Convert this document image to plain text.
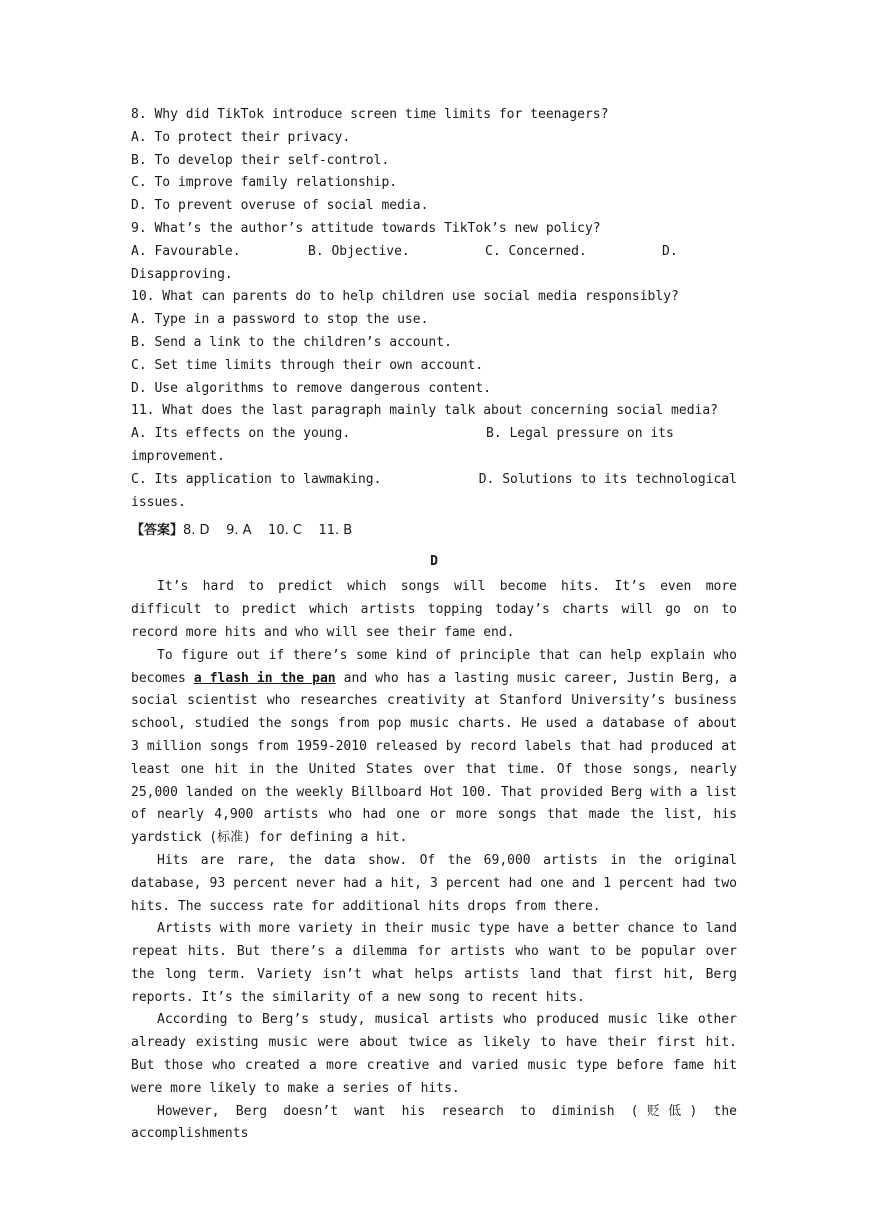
8. Why did TikTok introduce screen time limits for teenagers?

A. To protect their privacy.

B. To develop their self-control.

C. To improve family relationship.

D. To prevent overuse of social media.

9. What’s the author’s attitude towards TikTok’s new policy?

A. Favourable.	B. Objective.	C. Concerned.	D.

Disapproving.

10. What can parents do to help children use social media responsibly?

A. Type in a password to stop the use.

B. Send a link to the children’s account.

C. Set time limits through their own account.

D. Use algorithms to remove dangerous content.

11. What does the last paragraph mainly talk about concerning social media?

A. Its effects on the young.	B. Legal pressure on its

improvement.

C. Its application to lawmaking.	D. Solutions to its technological

issues.

【答案】8. D    9. A    10. C    11. B

D

It’s hard to predict which songs will become hits. It’s even more difficult to predict which artists topping today’s charts will go on to record more hits and who will see their fame end.

To figure out if there’s some kind of principle that can help explain who becomes a flash in the pan and who has a lasting music career, Justin Berg, a social scientist who researches creativity at Stanford University’s business school, studied the songs from pop music charts. He used a database of about 3 million songs from 1959-2010 released by record labels that had produced at least one hit in the United States over that time. Of those songs, nearly 25,000 landed on the weekly Billboard Hot 100. That provided Berg with a list of nearly 4,900 artists who had one or more songs that made the list, his yardstick (标准) for defining a hit.

Hits are rare, the data show. Of the 69,000 artists in the original database, 93 percent never had a hit, 3 percent had one and 1 percent had two hits. The success rate for additional hits drops from there.

Artists with more variety in their music type have a better chance to land repeat hits. But there’s a dilemma for artists who want to be popular over the long term. Variety isn’t what helps artists land that first hit, Berg reports. It’s the similarity of a new song to recent hits.

According to Berg’s study, musical artists who produced music like other already existing music were about twice as likely to have their first hit. But those who created a more creative and varied music type before fame hit were more likely to make a series of hits.

However, Berg doesn’t want his research to diminish (贬低) the accomplishments
